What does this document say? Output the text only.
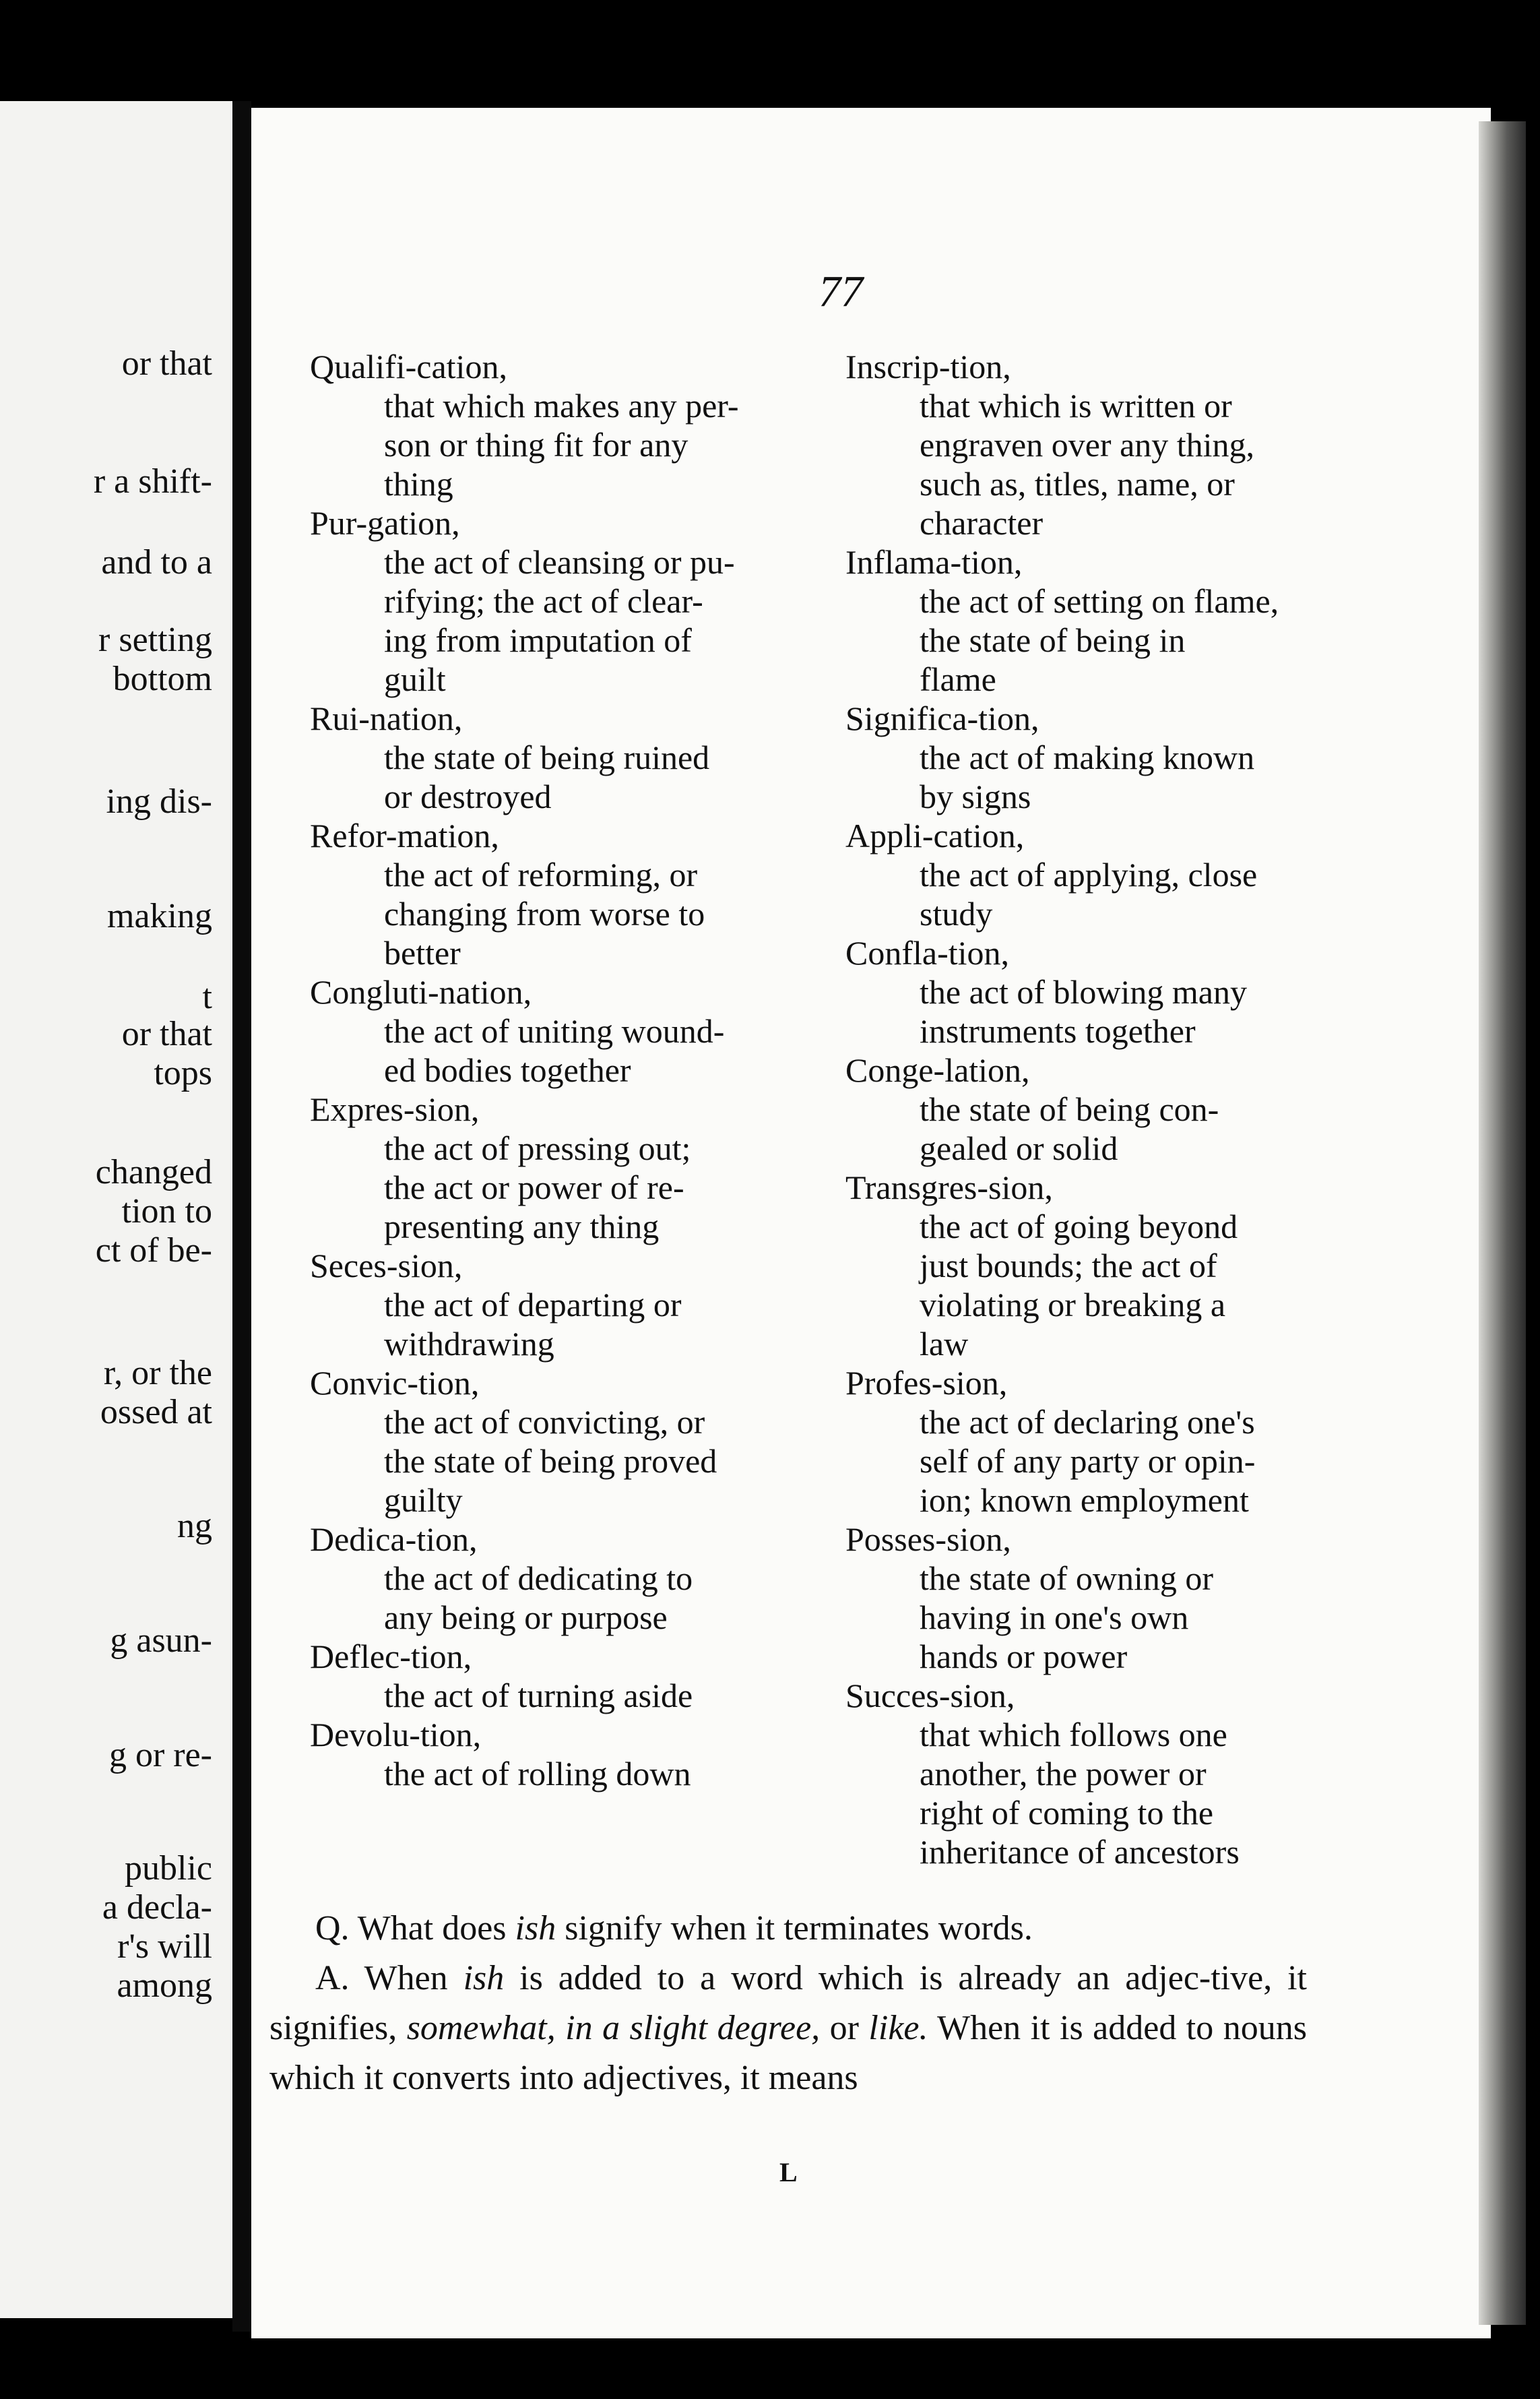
or that
r a shift-
and to a
r setting
bottom
ing dis-
making
t
or that
tops
changed
tion to
ct of be-
r, or the
ossed at
ng
g asun-
g or re-
public
a decla-
r's will
among
77
Qualifi-cation,
that which makes any per-
son or thing fit for any
thing
Pur-gation,
the act of cleansing or pu-
rifying; the act of clear-
ing from imputation of
guilt
Rui-nation,
the state of being ruined
or destroyed
Refor-mation,
the act of reforming, or
changing from worse to
better
Congluti-nation,
the act of uniting wound-
ed bodies together
Expres-sion,
the act of pressing out;
the act or power of re-
presenting any thing
Seces-sion,
the act of departing or
withdrawing
Convic-tion,
the act of convicting, or
the state of being proved
guilty
Dedica-tion,
the act of dedicating to
any being or purpose
Deflec-tion,
the act of turning aside
Devolu-tion,
the act of rolling down
Inscrip-tion,
that which is written or
engraven over any thing,
such as, titles, name, or
character
Inflama-tion,
the act of setting on flame,
the state of being in
flame
Significa-tion,
the act of making known
by signs
Appli-cation,
the act of applying, close
study
Confla-tion,
the act of blowing many
instruments together
Conge-lation,
the state of being con-
gealed or solid
Transgres-sion,
the act of going beyond
just bounds; the act of
violating or breaking a
law
Profes-sion,
the act of declaring one's
self of any party or opin-
ion; known employment
Posses-sion,
the state of owning or
having in one's own
hands or power
Succes-sion,
that which follows one
another, the power or
right of coming to the
inheritance of ancestors

Q. What does ish signify when it terminates words.

A. When ish is added to a word which is already an adjec-tive, it signifies, somewhat, in a slight degree, or like. When it is added to nouns which it converts into adjectives, it means

L
